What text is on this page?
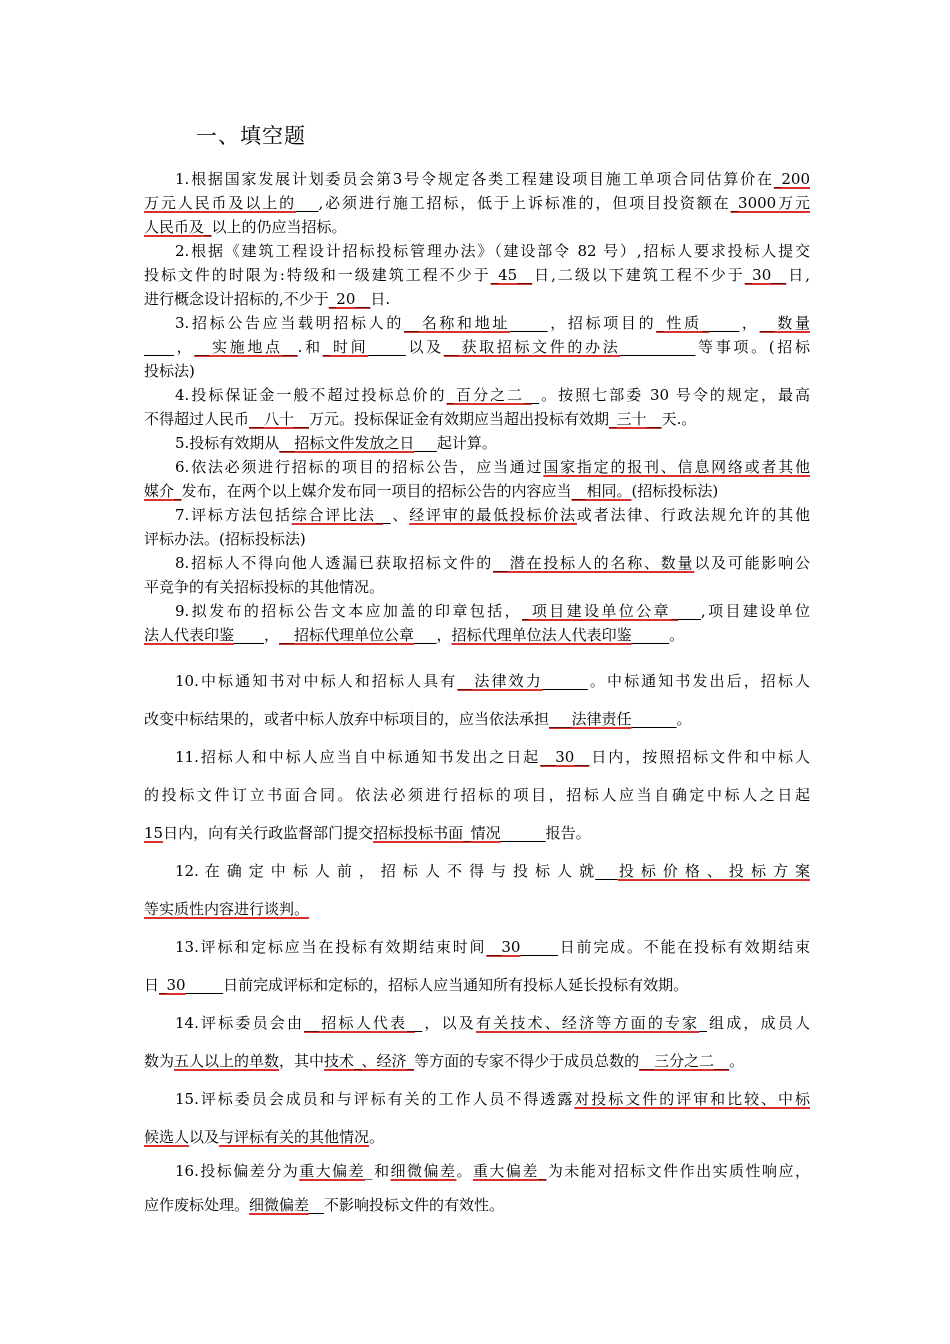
一、填空题
1.根据国家发展计划委员会第3号令规定各类工程建设项目施工单项合同估算价在_200
万元人民币及以上的___,必须进行施工招标，低于上诉标准的，但项目投资额在_3000万元
人民币及_以上的仍应当招标。
2.根据《建筑工程设计招标投标管理办法》（建设部令 82 号）,招标人要求投标人提交
投标文件的时限为:特级和一级建筑工程不少于_45__日,二级以下建筑工程不少于_30__日,
进行概念设计招标的,不少于_20__日.
3.招标公告应当载明招标人的__名称和地址_____，招标项目的_性质_____，__数量
____，__实施地点__.和_时间_____以及__获取招标文件的办法__________等事项。(招标
投标法)
4.投标保证金一般不超过投标总价的_百分之二__。按照七部委 30 号令的规定，最高
不得超过人民币__八十__万元。投标保证金有效期应当超出投标有效期_三十__天.。
5.投标有效期从__招标文件发放之日___起计算。
6.依法必须进行招标的项目的招标公告，应当通过国家指定的报刊、信息网络或者其他
媒介_发布，在两个以上媒介发布同一项目的招标公告的内容应当__相同。(招标投标法)
7.评标方法包括综合评比法__、经评审的最低投标价法或者法律、行政法规允许的其他
评标办法。(招标投标法)
8.招标人不得向他人透漏已获取招标文件的__潜在投标人的名称、数量以及可能影响公
平竞争的有关招标投标的其他情况。
9.拟发布的招标公告文本应加盖的印章包括，_项目建设单位公章____,项目建设单位
法人代表印鉴____，__招标代理单位公章___，招标代理单位法人代表印鉴_____。
10.中标通知书对中标人和招标人具有__法律效力______。中标通知书发出后，招标人
改变中标结果的，或者中标人放弃中标项目的，应当依法承担___法律责任______。
11.招标人和中标人应当自中标通知书发出之日起__30__日内，按照招标文件和中标人
的投标文件订立书面合同。依法必须进行招标的项目，招标人应当自确定中标人之日起
15日内，向有关行政监督部门提交招标投标书面_情况______报告。
12. 在 确 定 中 标 人 前 ， 招 标 人 不 得 与 投 标 人 就___投 标 价 格 、 投 标 方 案
等实质性内容进行谈判。
13.评标和定标应当在投标有效期结束时间__30_____日前完成。不能在投标有效期结束
日_30_____日前完成评标和定标的，招标人应当通知所有投标人延长投标有效期。
14.评标委员会由__招标人代表__，以及有关技术、经济等方面的专家_组成，成员人
数为五人以上的单数，其中技术_、经济_等方面的专家不得少于成员总数的__三分之二__。
15.评标委员会成员和与评标有关的工作人员不得透露对投标文件的评审和比较、中标
候选人以及与评标有关的其他情况。
16.投标偏差分为重大偏差_和细微偏差。重大偏差_为未能对招标文件作出实质性响应，
应作废标处理。细微偏差__不影响投标文件的有效性。
